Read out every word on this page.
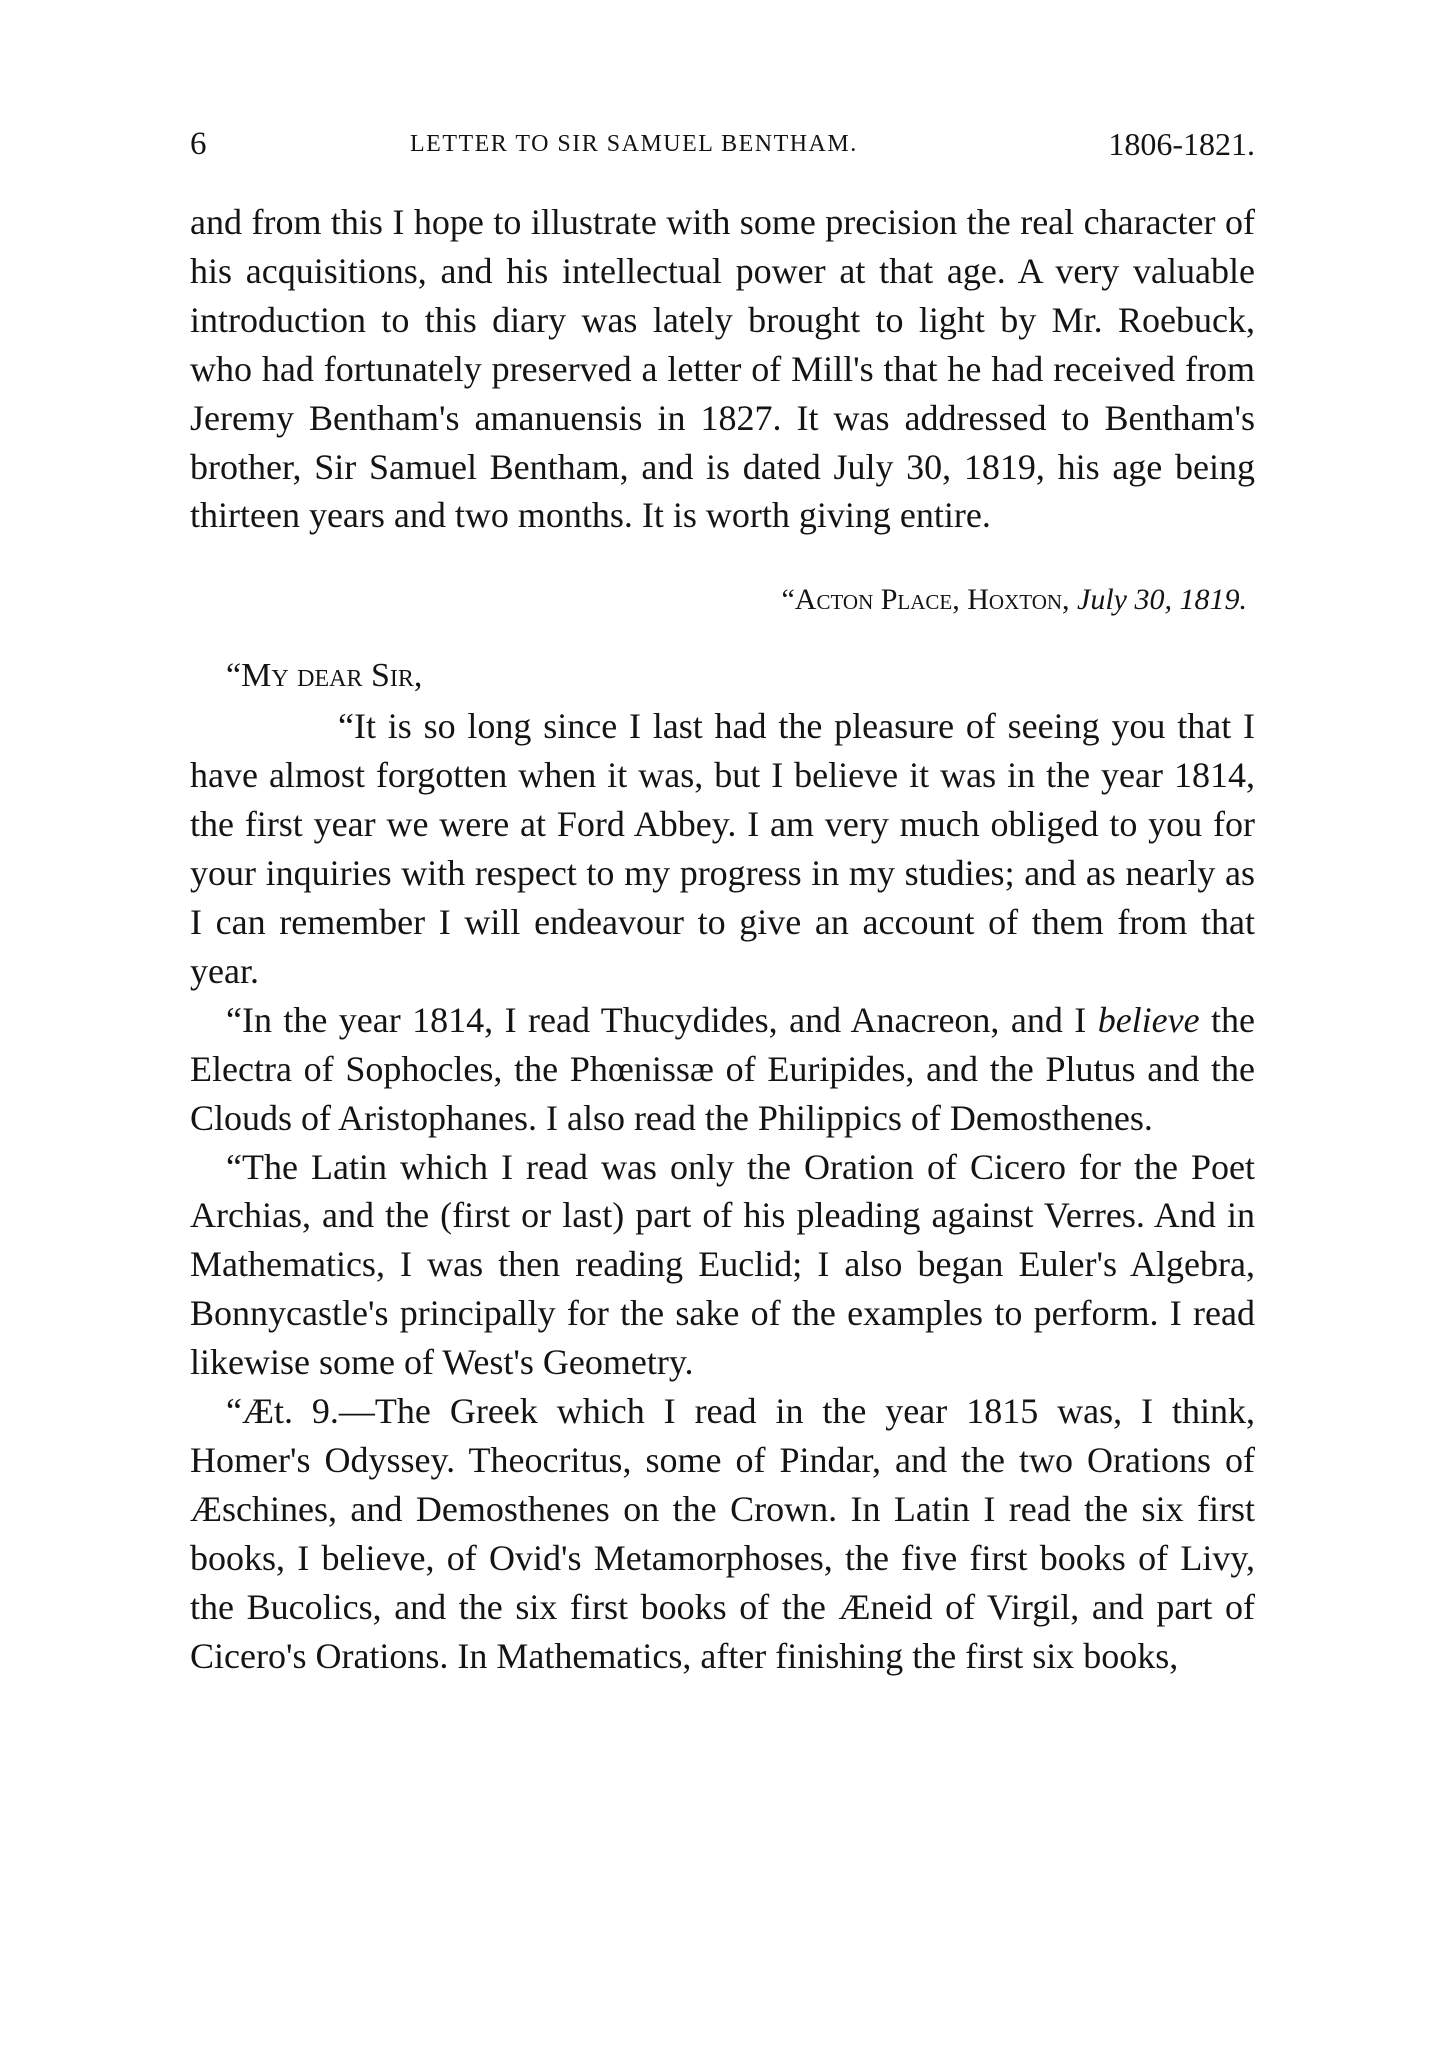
6	LETTER TO SIR SAMUEL BENTHAM.	1806-1821.

and from this I hope to illustrate with some precision the real character of his acquisitions, and his intellectual power at that age. A very valuable introduction to this diary was lately brought to light by Mr. Roebuck, who had fortunately preserved a letter of Mill's that he had received from Jeremy Bentham's amanuensis in 1827. It was addressed to Bentham's brother, Sir Samuel Bentham, and is dated July 30, 1819, his age being thirteen years and two months. It is worth giving entire.

“Acton Place, Hoxton, July 30, 1819.
“My dear Sir,

“It is so long since I last had the pleasure of seeing you that I have almost forgotten when it was, but I believe it was in the year 1814, the first year we were at Ford Abbey. I am very much obliged to you for your inquiries with respect to my progress in my studies; and as nearly as I can remember I will endeavour to give an account of them from that year.

“In the year 1814, I read Thucydides, and Anacreon, and I believe the Electra of Sophocles, the Phœnissæ of Euripides, and the Plutus and the Clouds of Aristophanes. I also read the Philippics of Demosthenes.

“The Latin which I read was only the Oration of Cicero for the Poet Archias, and the (first or last) part of his pleading against Verres. And in Mathematics, I was then reading Euclid; I also began Euler's Algebra, Bonnycastle's principally for the sake of the examples to perform. I read likewise some of West's Geometry.

“Æt. 9.—The Greek which I read in the year 1815 was, I think, Homer's Odyssey. Theocritus, some of Pindar, and the two Orations of Æschines, and Demosthenes on the Crown. In Latin I read the six first books, I believe, of Ovid's Metamorphoses, the five first books of Livy, the Bucolics, and the six first books of the Æneid of Virgil, and part of Cicero's Orations. In Mathematics, after finishing the first six books,
